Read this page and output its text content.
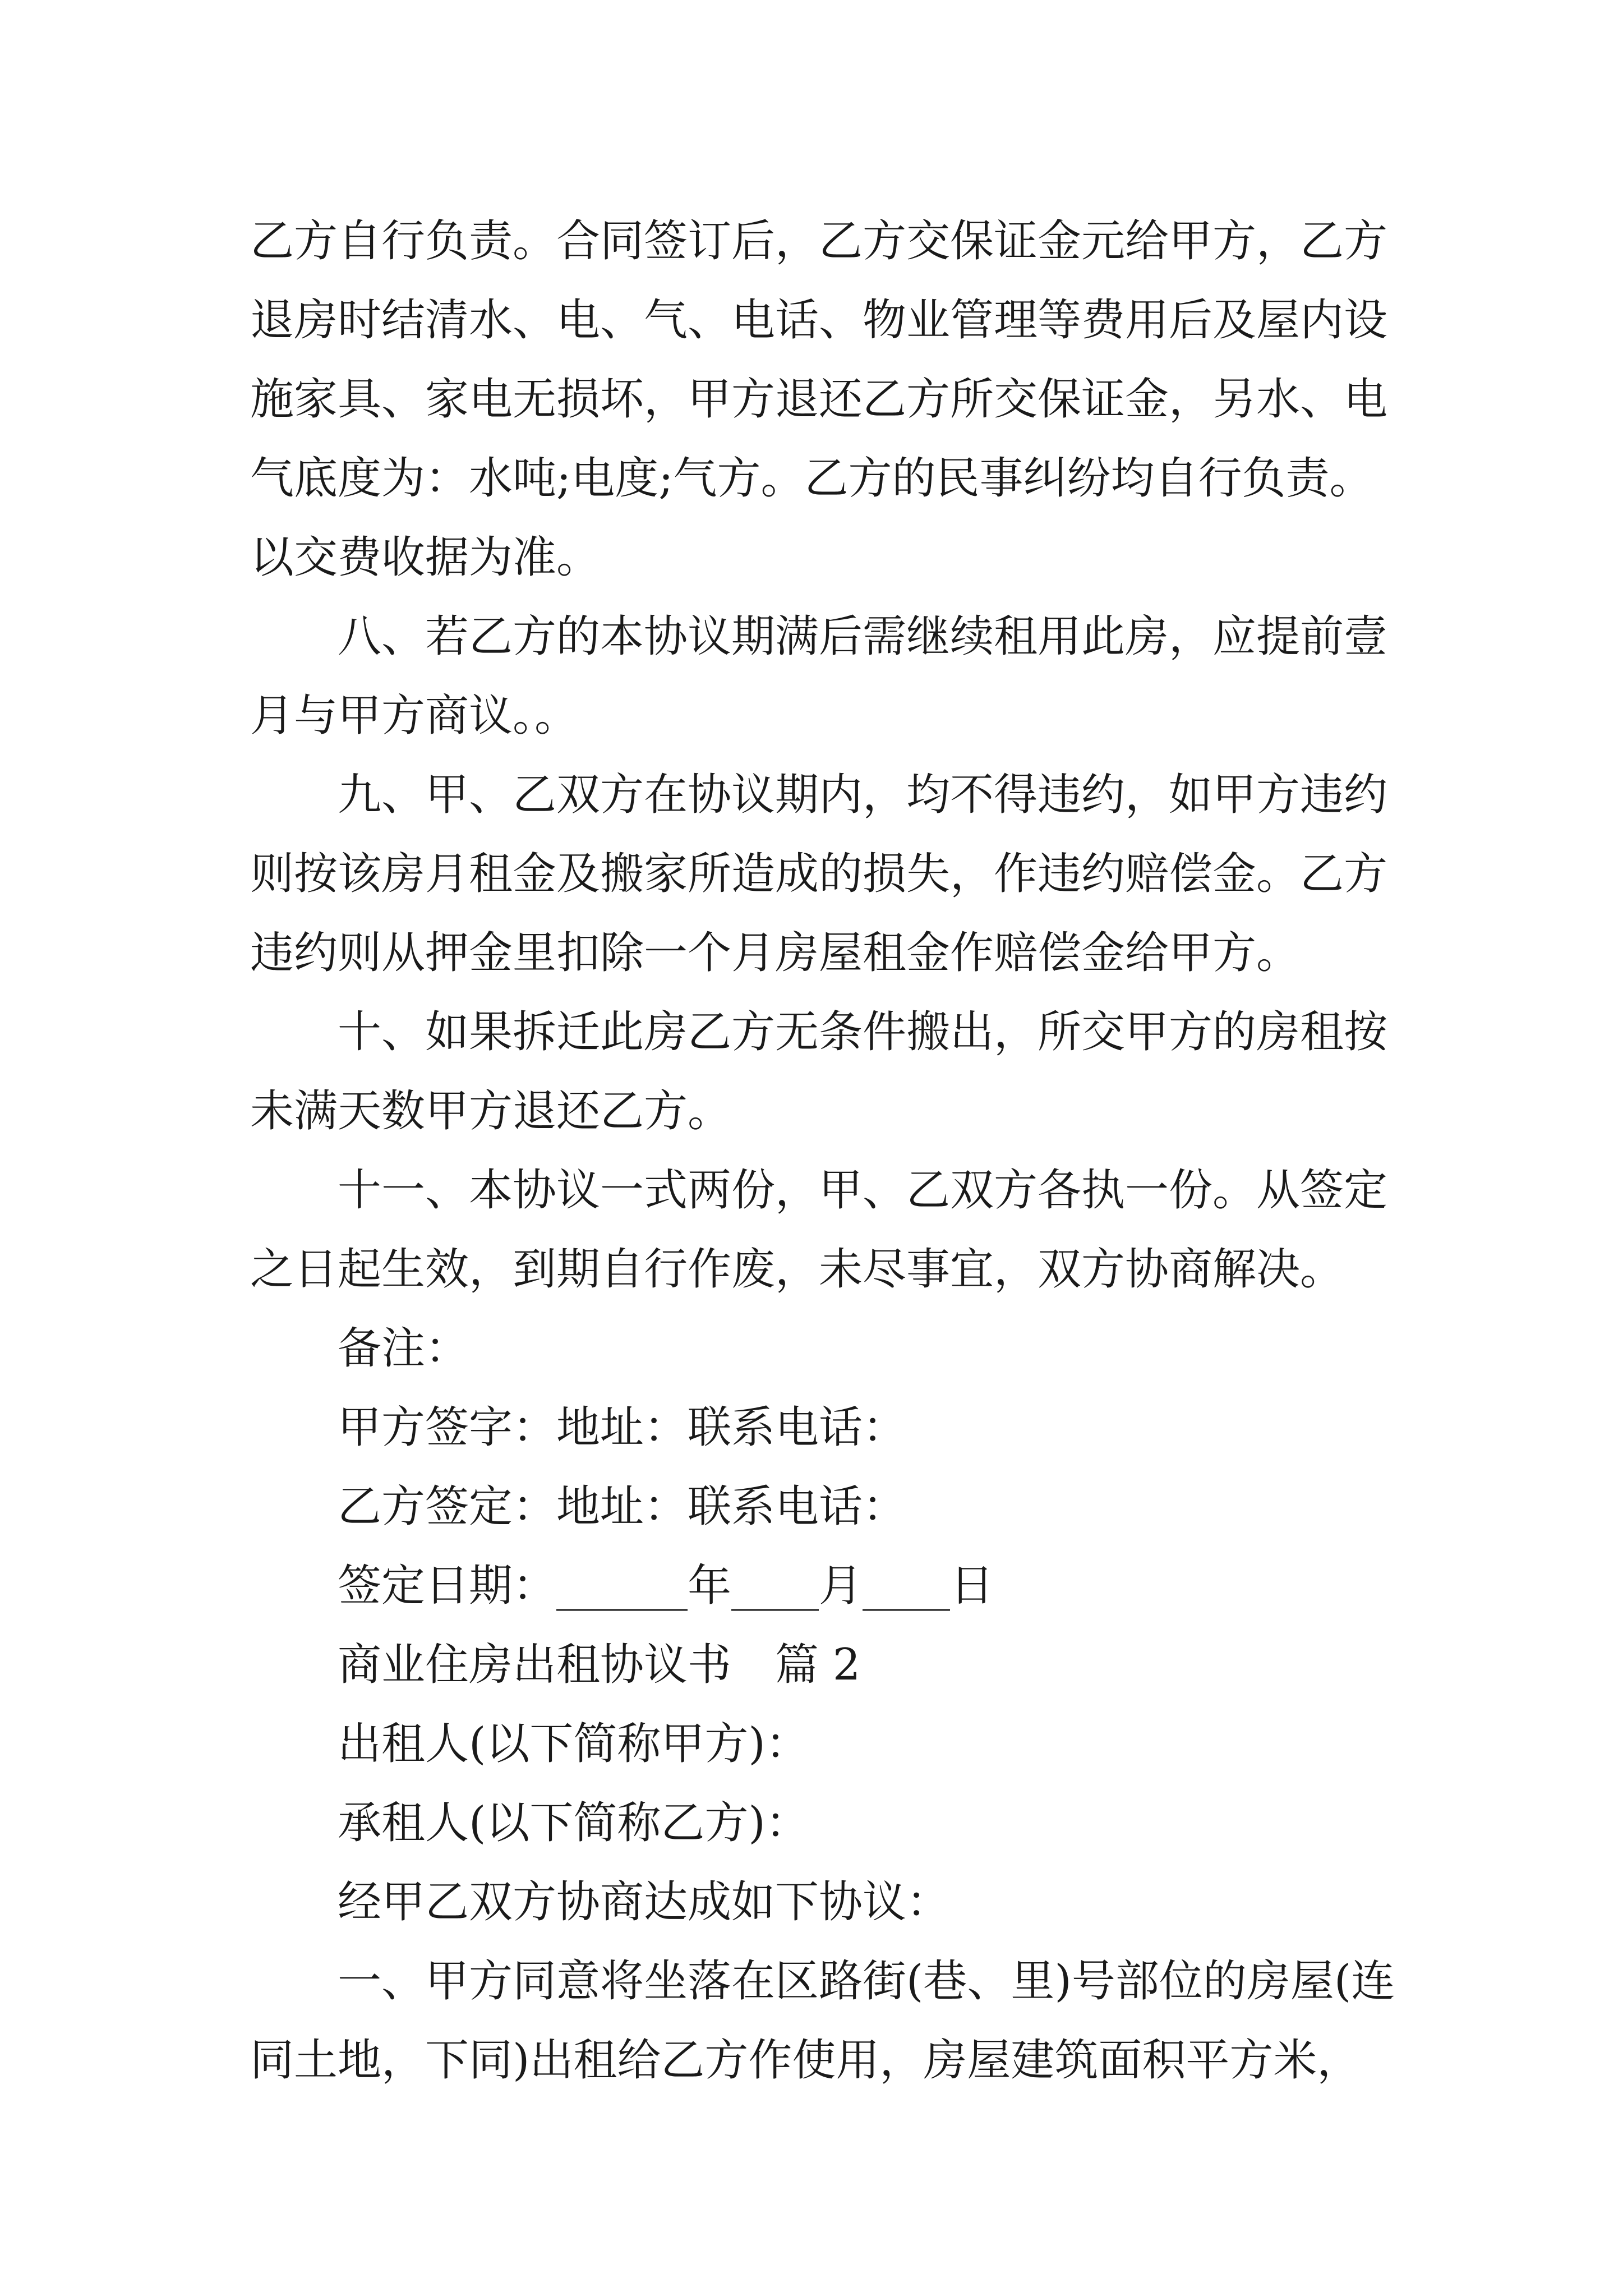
乙方自行负责。合同签订后，乙方交保证金元给甲方，乙方

退房时结清水、电、气、电话、物业管理等费用后及屋内设

施家具、家电无损坏，甲方退还乙方所交保证金，另水、电

气底度为：水吨;电度;气方。乙方的民事纠纷均自行负责。

以交费收据为准。

八、若乙方的本协议期满后需继续租用此房，应提前壹

月与甲方商议。。

九、甲、乙双方在协议期内，均不得违约，如甲方违约

则按该房月租金及搬家所造成的损失，作违约赔偿金。乙方

违约则从押金里扣除一个月房屋租金作赔偿金给甲方。

十、如果拆迁此房乙方无条件搬出，所交甲方的房租按

未满天数甲方退还乙方。

十一、本协议一式两份，甲、乙双方各执一份。从签定

之日起生效，到期自行作废，未尽事宜，双方协商解决。

备注：

甲方签字：地址：联系电话：

乙方签定：地址：联系电话：

签定日期：______年____月____日

商业住房出租协议书　篇 2

出租人(以下简称甲方)：

承租人(以下简称乙方)：

经甲乙双方协商达成如下协议：

一、甲方同意将坐落在区路街(巷、里)号部位的房屋(连

同土地，下同)出租给乙方作使用，房屋建筑面积平方米，
